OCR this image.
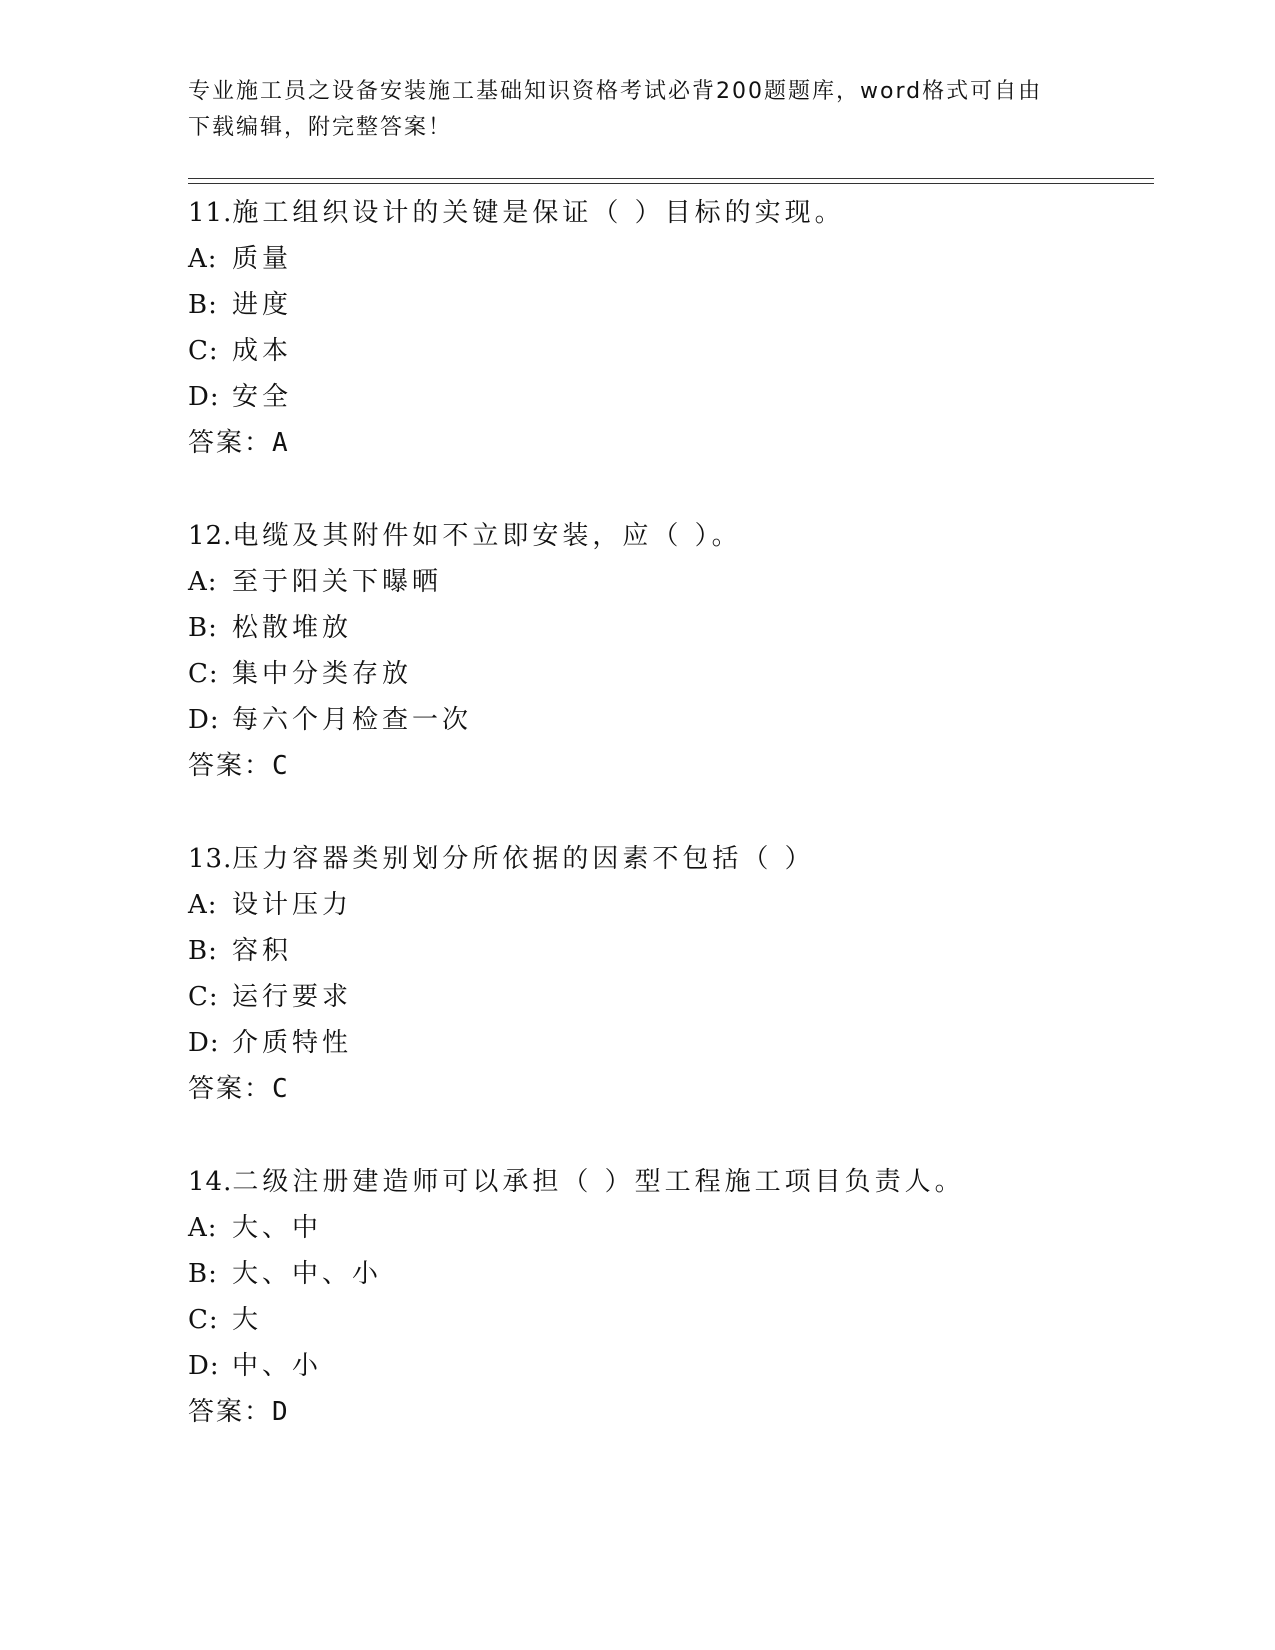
专业施工员之设备安装施工基础知识资格考试必背200题题库，word格式可自由
下载编辑，附完整答案！
11.施工组织设计的关键是保证（ ）目标的实现。
A: 质量
B: 进度
C: 成本
D: 安全
答案：A
12.电缆及其附件如不立即安装，应（ ）。
A: 至于阳关下曝晒
B: 松散堆放
C: 集中分类存放
D: 每六个月检查一次
答案：C
13.压力容器类别划分所依据的因素不包括（ ）
A: 设计压力
B: 容积
C: 运行要求
D: 介质特性
答案：C
14.二级注册建造师可以承担（ ）型工程施工项目负责人。
A: 大、中
B: 大、中、小
C: 大
D: 中、小
答案：D
